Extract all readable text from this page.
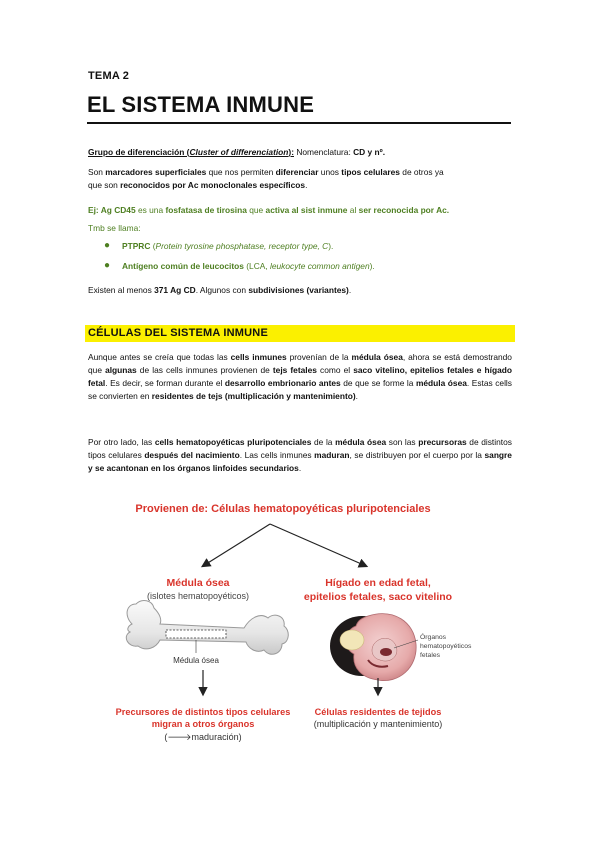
TEMA 2
EL SISTEMA INMUNE
Grupo de diferenciación (Cluster of differenciation): Nomenclatura: CD y nº.
Son marcadores superficiales que nos permiten diferenciar unos tipos celulares de otros ya
que son reconocidos por Ac monoclonales específicos.
Ej: Ag CD45 es una fosfatasa de tirosina que activa al sist inmune al ser reconocida por Ac.
Tmb se llama:
●	PTPRC (Protein tyrosine phosphatase, receptor type, C).
●	Antígeno común de leucocitos (LCA, leukocyte common antigen).
Existen al menos 371 Ag CD. Algunos con subdivisiones (variantes).
CÉLULAS DEL SISTEMA INMUNE
Aunque antes se creía que todas las cells inmunes provenían de la médula ósea, ahora se está demostrando que algunas de las cells inmunes provienen de tejs fetales como el saco vitelino, epitelios fetales e hígado fetal. Es decir, se forman durante el desarrollo embrionario antes de que se forme la médula ósea. Estas cells se convierten en residentes de tejs (multiplicación y mantenimiento).
Por otro lado, las cells hematopoyéticas pluripotenciales de la médula ósea son las precursoras de distintos tipos celulares después del nacimiento. Las cells inmunes maduran, se distribuyen por el cuerpo por la sangre y se acantonan en los órganos linfoides secundarios.
Provienen de: Células hematopoyéticas pluripotenciales
Médula ósea
(islotes hematopoyéticos)
Médula ósea
Precursores de distintos tipos celulares
migran a otros órganos
(🡒maduración)
Hígado en edad fetal,
epitelios fetales, saco vitelino
Órganos
hematopoyéticos
fetales
Células residentes de tejidos
(multiplicación y mantenimiento)
